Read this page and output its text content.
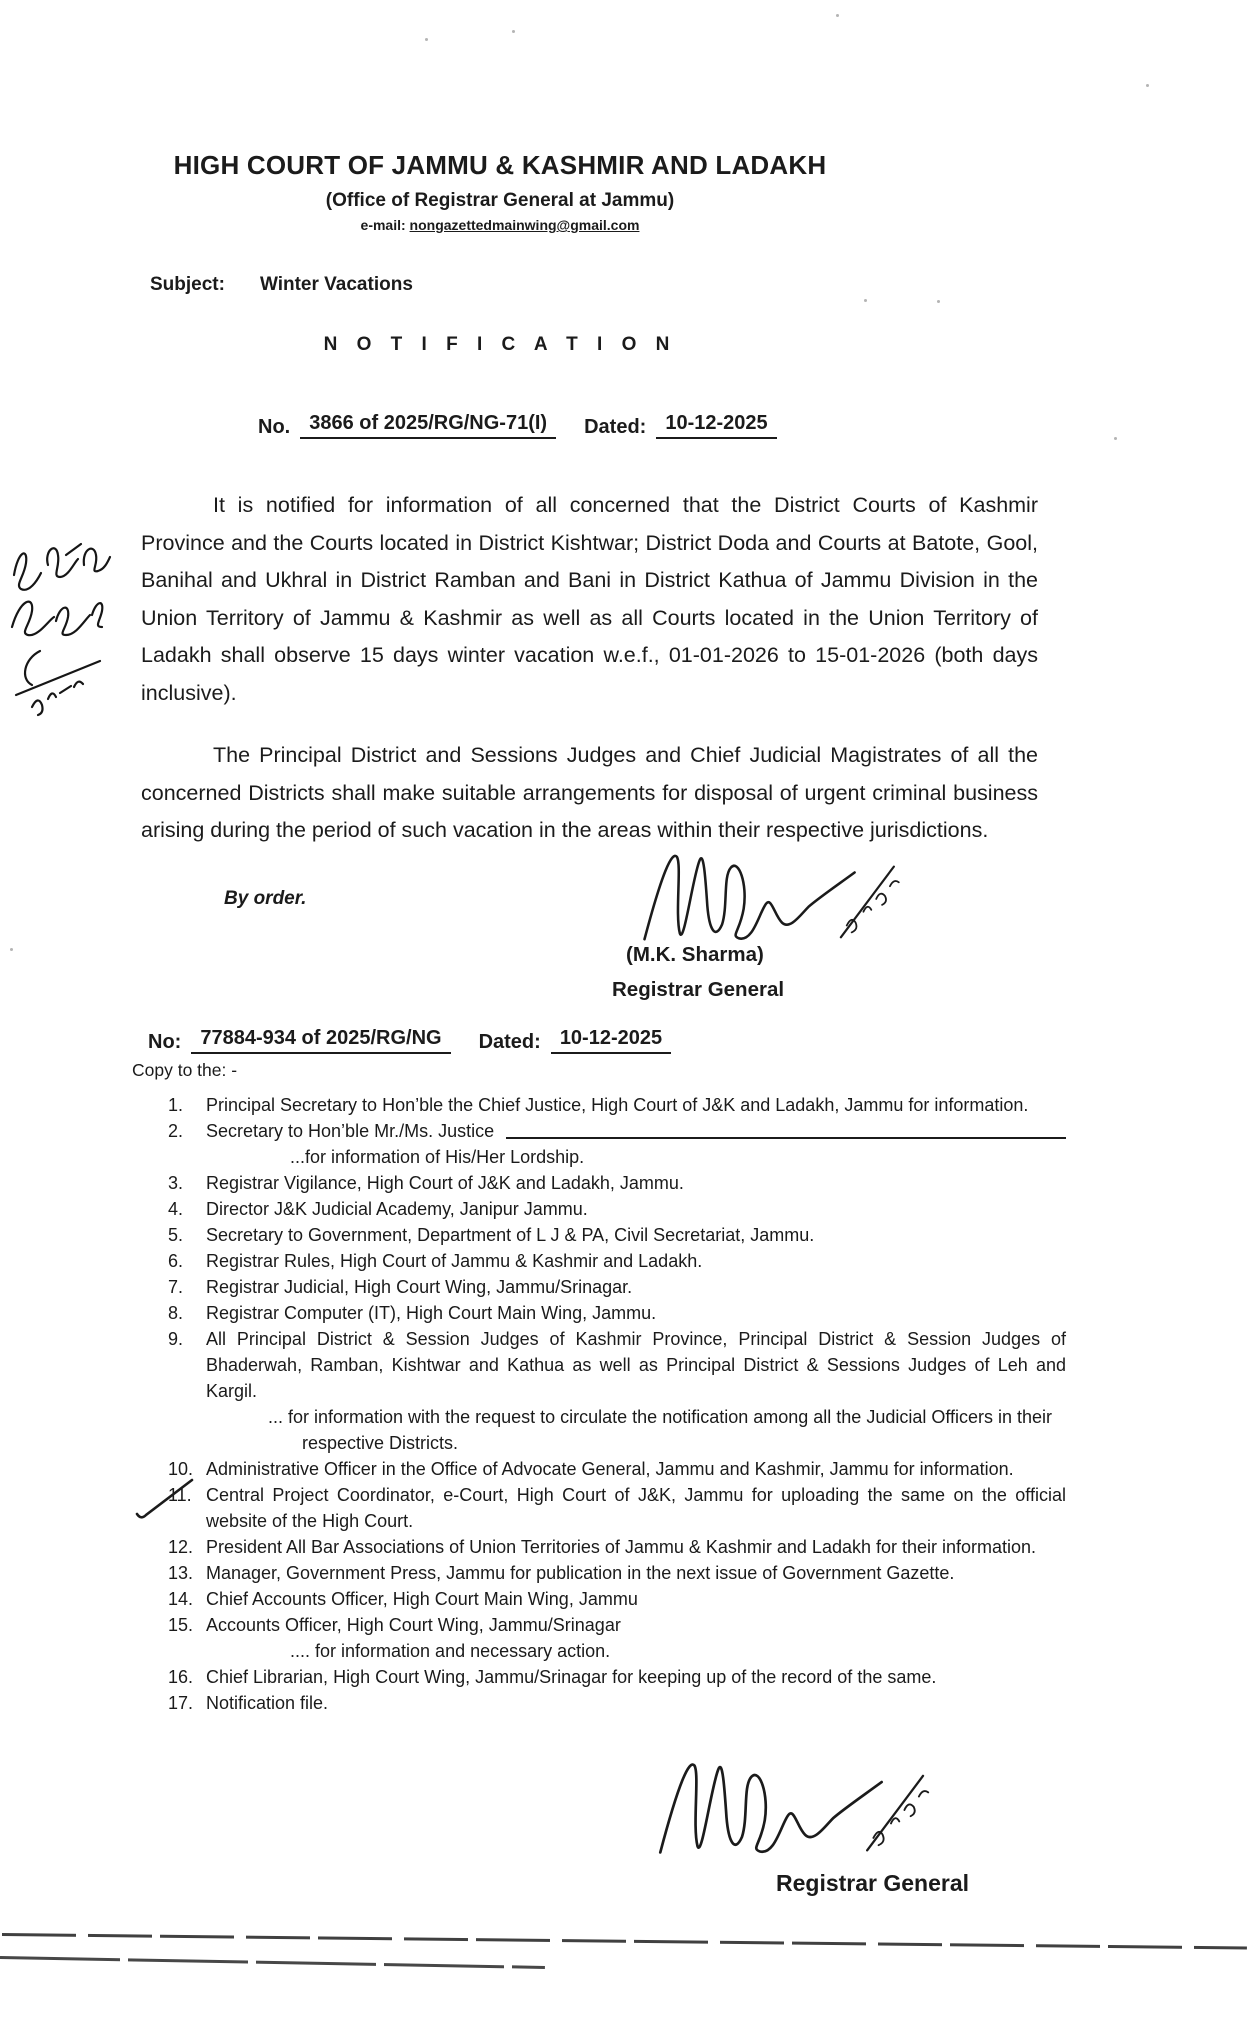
HIGH COURT OF JAMMU & KASHMIR AND LADAKH
(Office of Registrar General at Jammu)
e-mail: nongazettedmainwing@gmail.com
Subject: Winter Vacations
N O T I F I C A T I O N
No. 3866 of 2025/RG/NG-71(I)	Dated: 10-12-2025
It is notified for information of all concerned that the District Courts of Kashmir Province and the Courts located in District Kishtwar; District Doda and Courts at Batote, Gool, Banihal and Ukhral in District Ramban and Bani in District Kathua of Jammu Division in the Union Territory of Jammu & Kashmir as well as all Courts located in the Union Territory of Ladakh shall observe 15 days winter vacation w.e.f., 01-01-2026 to 15-01-2026 (both days inclusive).
The Principal District and Sessions Judges and Chief Judicial Magistrates of all the concerned Districts shall make suitable arrangements for disposal of urgent criminal business arising during the period of such vacation in the areas within their respective jurisdictions.
By order.
(M.K. Sharma)
Registrar General
No: 77884-934 of 2025/RG/NG	Dated: 10-12-2025
Copy to the: -
1.	Principal Secretary to Hon’ble the Chief Justice, High Court of J&K and Ladakh, Jammu for information.
2.	Secretary to Hon’ble Mr./Ms. Justice
...for information of His/Her Lordship.
3.	Registrar Vigilance, High Court of J&K and Ladakh, Jammu.
4.	Director J&K Judicial Academy, Janipur Jammu.
5.	Secretary to Government, Department of L J & PA, Civil Secretariat, Jammu.
6.	Registrar Rules, High Court of Jammu & Kashmir and Ladakh.
7.	Registrar Judicial, High Court Wing, Jammu/Srinagar.
8.	Registrar Computer (IT), High Court Main Wing, Jammu.
9.	All Principal District & Session Judges of Kashmir Province, Principal District & Session Judges of Bhaderwah, Ramban, Kishtwar and Kathua as well as Principal District & Sessions Judges of Leh and Kargil.
... for information with the request to circulate the notification among all the Judicial Officers in their respective Districts.
10. Administrative Officer in the Office of Advocate General, Jammu and Kashmir, Jammu for information.
11. Central Project Coordinator, e-Court, High Court of J&K, Jammu for uploading the same on the official website of the High Court.
12. President All Bar Associations of Union Territories of Jammu & Kashmir and Ladakh for their information.
13. Manager, Government Press, Jammu for publication in the next issue of Government Gazette.
14. Chief Accounts Officer, High Court Main Wing, Jammu
15. Accounts Officer, High Court Wing, Jammu/Srinagar
.... for information and necessary action.
16. Chief Librarian, High Court Wing, Jammu/Srinagar for keeping up of the record of the same.
17. Notification file.
Registrar General
